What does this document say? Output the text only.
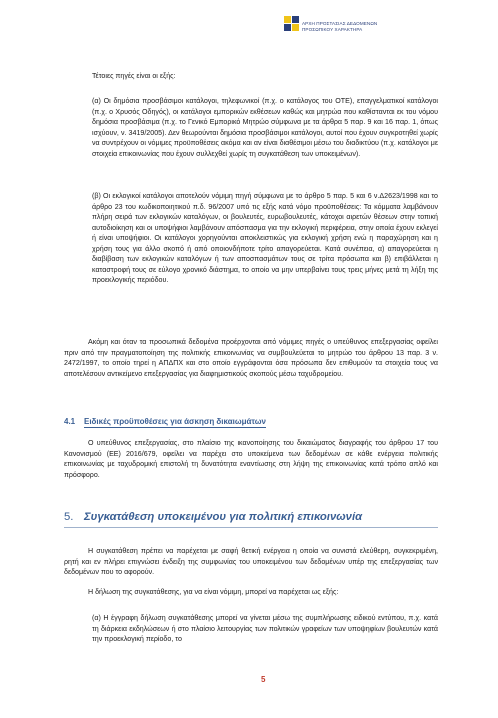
ΑΡΧΗ ΠΡΟΣΤΑΣΙΑΣ ΔΕΔΟΜΕΝΩΝ
ΠΡΟΣΩΠΙΚΟΥ ΧΑΡΑΚΤΗΡΑ
Τέτοιες πηγές είναι οι εξής:
(α) Οι δημόσια προσβάσιμοι κατάλογοι, τηλεφωνικοί (π.χ. ο κατάλογος του ΟΤΕ), επαγγελματικοί κατάλογοι (π.χ. ο Χρυσός Οδηγός), οι κατάλογοι εμπορικών εκθέσεων καθώς και μητρώα που καθίστανται εκ του νόμου δημόσια προσβάσιμα (π.χ. το Γενικό Εμπορικό Μητρώο σύμφωνα με τα άρθρα 5 παρ. 9 και 16 παρ. 1, όπως ισχύουν, ν. 3419/2005). Δεν θεωρούνται δημόσια προσβάσιμοι κατάλογοι, αυτοί που έχουν συγκροτηθεί χωρίς να συντρέχουν οι νόμιμες προϋποθέσεις ακόμα και αν είναι διαθέσιμοι μέσω του διαδικτύου (π.χ. κατάλογοι με στοιχεία επικοινωνίας που έχουν συλλεχθεί χωρίς τη συγκατάθεση των υποκειμένων).
(β) Οι εκλογικοί κατάλογοι αποτελούν νόμιμη πηγή σύμφωνα με το άρθρο 5 παρ. 5 και 6 ν.Δ2623/1998 και το άρθρο 23 του κωδικοποιητικού π.δ. 96/2007 υπό τις εξής κατά νόμο προϋποθέσεις: Τα κόμματα λαμβάνουν πλήρη σειρά των εκλογικών καταλόγων, οι βουλευτές, ευρωβουλευτές, κάτοχοι αιρετών θέσεων στην τοπική αυτοδιοίκηση και οι υποψήφιοι λαμβάνουν απόσπασμα για την εκλογική περιφέρεια, στην οποία έχουν εκλεγεί ή είναι υποψήφιοι. Οι κατάλογοι χορηγούνται αποκλειστικώς για εκλογική χρήση ενώ η παραχώρηση και η χρήση τους για άλλο σκοπό ή από οποιονδήποτε τρίτο απαγορεύεται. Κατά συνέπεια, α) απαγορεύεται η διαβίβαση των εκλογικών καταλόγων ή των αποσπασμάτων τους σε τρίτα πρόσωπα και β) επιβάλλεται η καταστροφή τους σε εύλογο χρονικό διάστημα, το οποίο να μην υπερβαίνει τους τρεις μήνες μετά τη λήξη της προεκλογικής περιόδου.
Ακόμη και όταν τα προσωπικά δεδομένα προέρχονται από νόμιμες πηγές ο υπεύθυνος επεξεργασίας οφείλει πριν από την πραγματοποίηση της πολιτικής επικοινωνίας να συμβουλεύεται το μητρώο του άρθρου 13 παρ. 3 ν. 2472/1997, το οποίο τηρεί η ΑΠΔΠΧ και στο οποίο εγγράφονται όσα πρόσωπα δεν επιθυμούν τα στοιχεία τους να αποτελέσουν αντικείμενο επεξεργασίας για διαφημιστικούς σκοπούς μέσω ταχυδρομείου.
4.1 Ειδικές προϋποθέσεις για άσκηση δικαιωμάτων
Ο υπεύθυνος επεξεργασίας, στο πλαίσιο της ικανοποίησης του δικαιώματος διαγραφής του άρθρου 17 του Κανονισμού (ΕΕ) 2016/679, οφείλει να παρέχει στο υποκείμενα των δεδομένων σε κάθε ενέργεια πολιτικής επικοινωνίας με ταχυδρομική επιστολή τη δυνατότητα εναντίωσης στη λήψη της επικοινωνίας κατά τρόπο απλό και πρόσφορο.
5. Συγκατάθεση υποκειμένου για πολιτική επικοινωνία
Η συγκατάθεση πρέπει να παρέχεται με σαφή θετική ενέργεια η οποία να συνιστά ελεύθερη, συγκεκριμένη, ρητή και εν πλήρει επιγνώσει ένδειξη της συμφωνίας του υποκειμένου των δεδομένων υπέρ της επεξεργασίας των δεδομένων που το αφορούν.
Η δήλωση της συγκατάθεσης, για να είναι νόμιμη, μπορεί να παρέχεται ως εξής:
(α) Η έγγραφη δήλωση συγκατάθεσης μπορεί να γίνεται μέσω της συμπλήρωσης ειδικού εντύπου, π.χ. κατά τη διάρκεια εκδηλώσεων ή στο πλαίσιο λειτουργίας των πολιτικών γραφείων των υποψηφίων βουλευτών κατά την προεκλογική περίοδο, το
5
